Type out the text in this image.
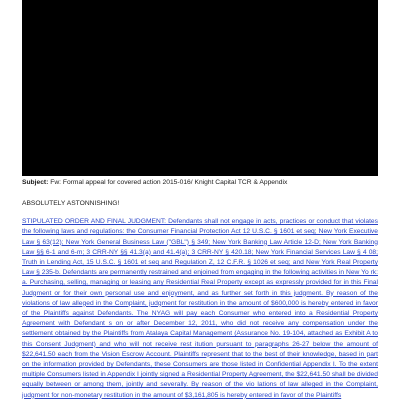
Subject: Fw: Formal appeal for covered action 2015-016/ Knight Capital TCR & Appendix

ABSOLUTELY ASTONNISHING!

STIPULATED ORDER AND FINAL JUDGMENT: Defendants shall not engage in acts, practices or conduct that violates the following laws and regulations: the Consumer Financial Protection Act 12 U.S.C. § 1601 et seq; New York Executive Law § 63(12); New York General Business Law ("GBL") § 349; New York Banking Law Article 12-D; New York Banking Law §§ 6-1 and 6-m; 3 CRR-NY §§ 41.3(a) and 41.4(a); 3 CRR-NY § 420.18; New York Financial Services Law § 4 08; Truth in Lending Act, 15 U.S.C. § 1601 et seq and Regulation Z, 12 C.F.R. § 1026 et seq; and New York Real Property Law § 235-b. Defendants are permanently restrained and enjoined from engaging in the following activities in New Yo rk: a. Purchasing, selling, managing or leasing any Residential Real Property except as expressly provided for in this Final Judgment or for their own personal use and enjoyment, and as further set forth in this judgment. By reason of the violations of law alleged in the Complaint, judgment for restitution in the amount of $600,000 is hereby entered in favor of the Plaintiffs against Defendants. The NYAG will pay each Consumer who entered into a Residential Property Agreement with Defendant s on or after December 12, 2011, who did not receive any compensation under the settlement obtained by the Plaintiffs from Atalaya Capital Management (Assurance No. 19-104, attached as Exhibit A to this Consent Judgment) and who will not receive rest itution pursuant to paragraphs 26-27 below the amount of $22,641.50 each from the Vision Escrow Account. Plaintiffs represent that to the best of their knowledge, based in part on the information provided by Defendants, these Consumers are those listed in Confidential Appendix I. To the extent multiple Consumers listed in Appendix I jointly signed a Residential Property Agreement, the $22,641.50 shall be divided equally between or among them, jointly and severally. By reason of the vio lations of law alleged in the Complaint, judgment for non-monetary restitution in the amount of $3,161,805 is hereby entered in favor of the Plaintiffs
